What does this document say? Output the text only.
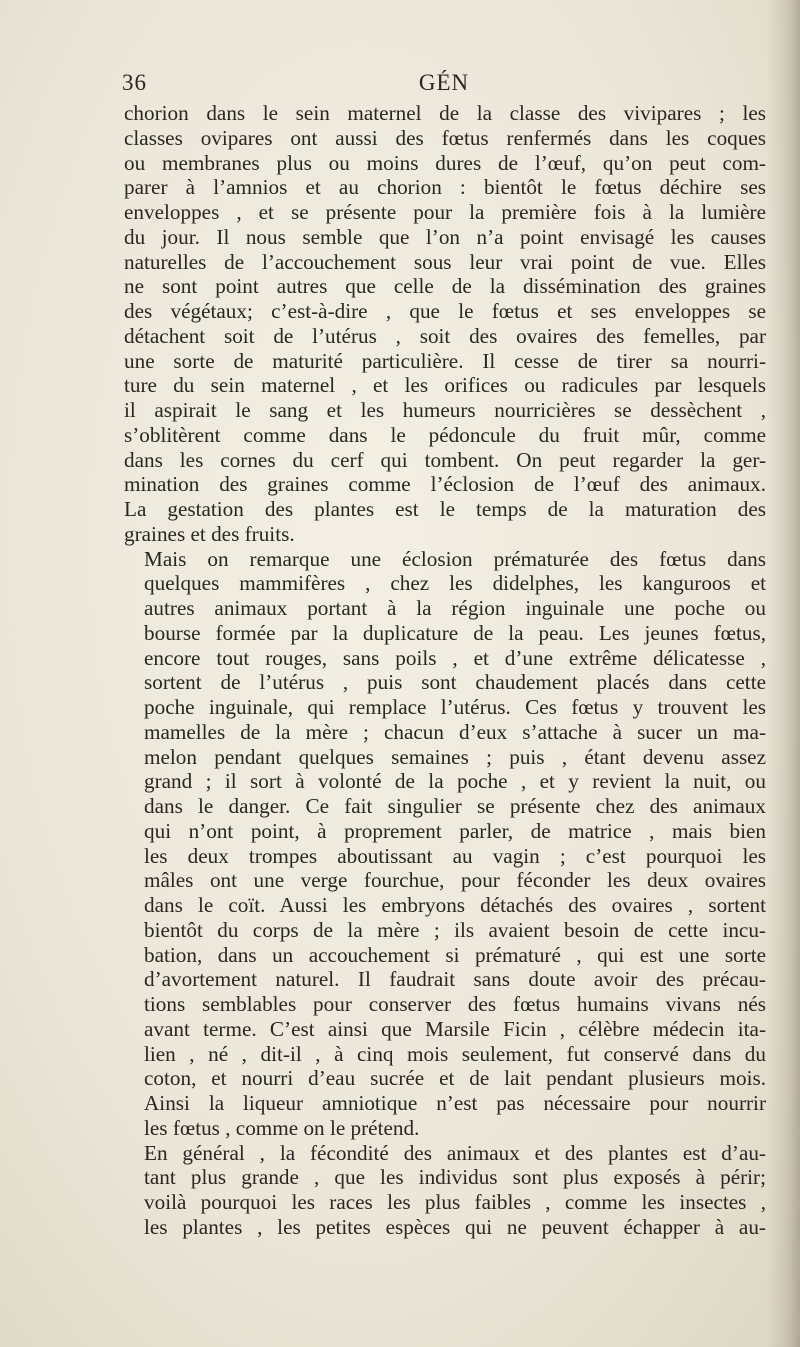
36	GÉN

chorion dans le sein maternel de la classe des vivipares ; les
classes ovipares ont aussi des fœtus renfermés dans les coques
ou membranes plus ou moins dures de l’œuf, qu’on peut com-
parer à l’amnios et au chorion : bientôt le fœtus déchire ses
enveloppes , et se présente pour la première fois à la lumière
du jour. Il nous semble que l’on n’a point envisagé les causes
naturelles de l’accouchement sous leur vrai point de vue. Elles
ne sont point autres que celle de la dissémination des graines
des végétaux; c’est-à-dire , que le fœtus et ses enveloppes se
détachent soit de l’utérus , soit des ovaires des femelles, par
une sorte de maturité particulière. Il cesse de tirer sa nourri-
ture du sein maternel , et les orifices ou radicules par lesquels
il aspirait le sang et les humeurs nourricières se dessèchent ,
s’oblitèrent comme dans le pédoncule du fruit mûr, comme
dans les cornes du cerf qui tombent. On peut regarder la ger-
mination des graines comme l’éclosion de l’œuf des animaux.
La gestation des plantes est le temps de la maturation des
graines et des fruits.

Mais on remarque une éclosion prématurée des fœtus dans
quelques mammifères , chez les didelphes, les kanguroos et
autres animaux portant à la région inguinale une poche ou
bourse formée par la duplicature de la peau. Les jeunes fœtus,
encore tout rouges, sans poils , et d’une extrême délicatesse ,
sortent de l’utérus , puis sont chaudement placés dans cette
poche inguinale, qui remplace l’utérus. Ces fœtus y trouvent les
mamelles de la mère ; chacun d’eux s’attache à sucer un ma-
melon pendant quelques semaines ; puis , étant devenu assez
grand ; il sort à volonté de la poche , et y revient la nuit, ou
dans le danger. Ce fait singulier se présente chez des animaux
qui n’ont point, à proprement parler, de matrice , mais bien
les deux trompes aboutissant au vagin ; c’est pourquoi les
mâles ont une verge fourchue, pour féconder les deux ovaires
dans le coït. Aussi les embryons détachés des ovaires , sortent
bientôt du corps de la mère ; ils avaient besoin de cette incu-
bation, dans un accouchement si prématuré , qui est une sorte
d’avortement naturel. Il faudrait sans doute avoir des précau-
tions semblables pour conserver des fœtus humains vivans nés
avant terme. C’est ainsi que Marsile Ficin , célèbre médecin ita-
lien , né , dit-il , à cinq mois seulement, fut conservé dans du
coton, et nourri d’eau sucrée et de lait pendant plusieurs mois.
Ainsi la liqueur amniotique n’est pas nécessaire pour nourrir
les fœtus , comme on le prétend.

En général , la fécondité des animaux et des plantes est d’au-
tant plus grande , que les individus sont plus exposés à périr;
voilà pourquoi les races les plus faibles , comme les insectes ,
les plantes , les petites espèces qui ne peuvent échapper à au-
